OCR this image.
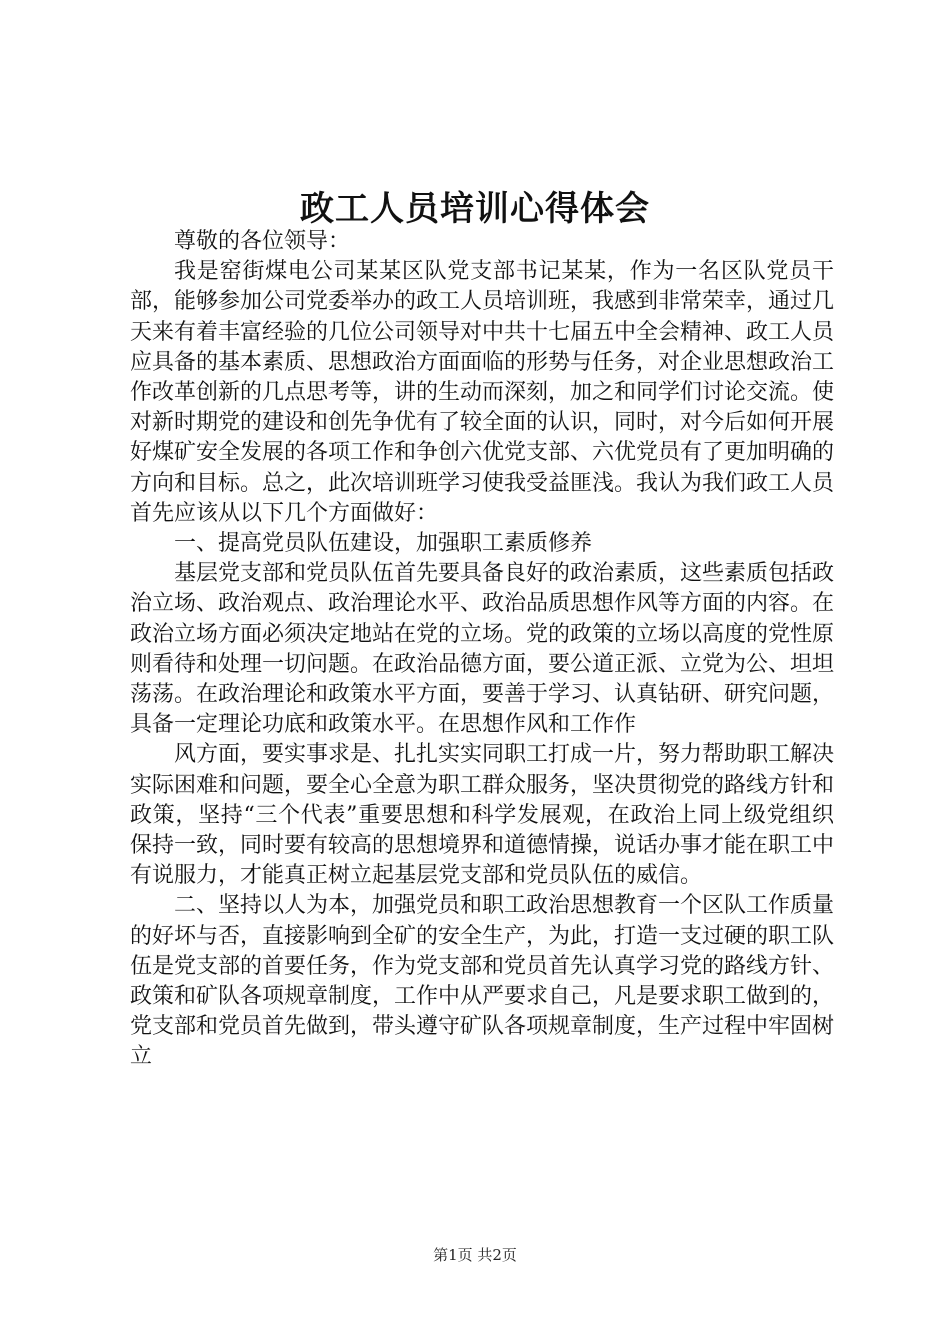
政工人员培训心得体会

尊敬的各位领导：

我是窑街煤电公司某某区队党支部书记某某，作为一名区队党员干部，能够参加公司党委举办的政工人员培训班，我感到非常荣幸，通过几天来有着丰富经验的几位公司领导对中共十七届五中全会精神、政工人员应具备的基本素质、思想政治方面面临的形势与任务，对企业思想政治工作改革创新的几点思考等，讲的生动而深刻，加之和同学们讨论交流。使对新时期党的建设和创先争优有了较全面的认识，同时，对今后如何开展好煤矿安全发展的各项工作和争创六优党支部、六优党员有了更加明确的方向和目标。总之，此次培训班学习使我受益匪浅。我认为我们政工人员首先应该从以下几个方面做好：

一、提高党员队伍建设，加强职工素质修养

基层党支部和党员队伍首先要具备良好的政治素质，这些素质包括政治立场、政治观点、政治理论水平、政治品质思想作风等方面的内容。在政治立场方面必须决定地站在党的立场。党的政策的立场以高度的党性原则看待和处理一切问题。在政治品德方面，要公道正派、立党为公、坦坦荡荡。在政治理论和政策水平方面，要善于学习、认真钻研、研究问题，具备一定理论功底和政策水平。在思想作风和工作作

风方面，要实事求是、扎扎实实同职工打成一片，努力帮助职工解决实际困难和问题，要全心全意为职工群众服务，坚决贯彻党的路线方针和政策，坚持“三个代表”重要思想和科学发展观，在政治上同上级党组织保持一致，同时要有较高的思想境界和道德情操，说话办事才能在职工中有说服力，才能真正树立起基层党支部和党员队伍的威信。

二、坚持以人为本，加强党员和职工政治思想教育一个区队工作质量的好坏与否，直接影响到全矿的安全生产，为此，打造一支过硬的职工队伍是党支部的首要任务，作为党支部和党员首先认真学习党的路线方针、政策和矿队各项规章制度，工作中从严要求自己，凡是要求职工做到的，党支部和党员首先做到，带头遵守矿队各项规章制度，生产过程中牢固树立

第1页 共2页
